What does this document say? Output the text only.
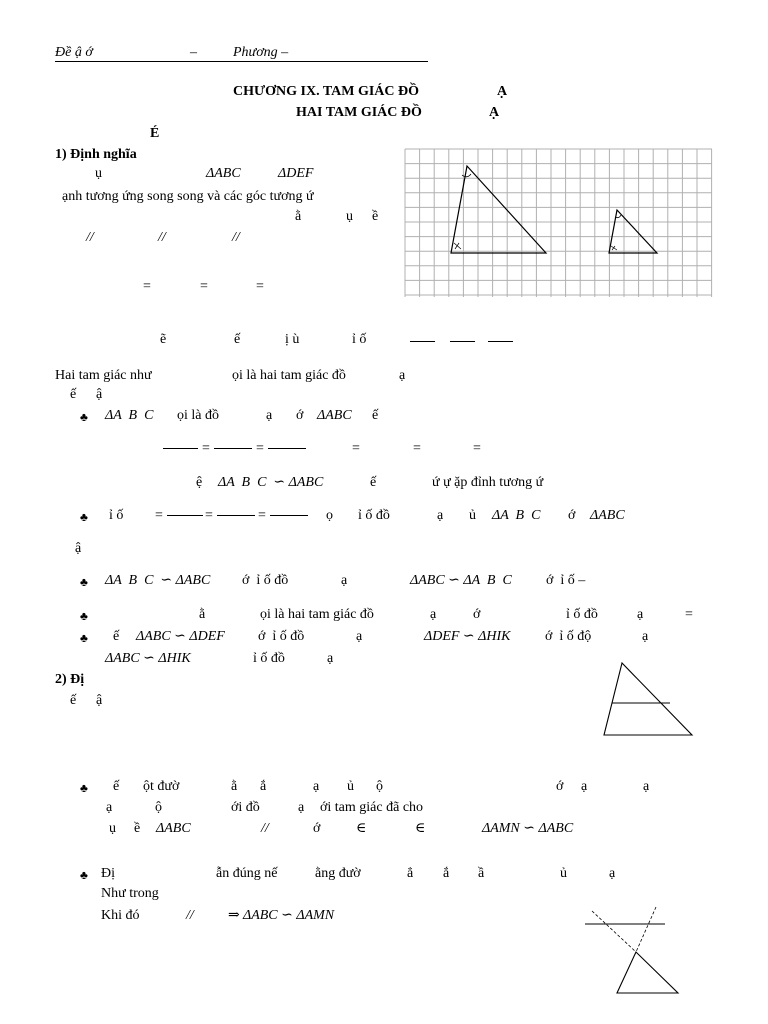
Đề ậ ớ	–	Phương –
CHƯƠNG IX. TAM GIÁC ĐỒ	Ạ
HAI TAM GIÁC ĐỒ	Ạ
É
1) Định nghĩa
ụ	ΔABC	ΔDEF
ạnh tương ứng song song và các góc tương ứ
ằ	ụ ề
//	//	//
=	=	=
ẽ	ế	ị ù	ỉ ố
Hai tam giác như	ọi là hai tam giác đồ	ạ
ế ậ
♣ ΔA  B  C ọi là đồ	ạ ớ ΔABC ế
=	=	=	=	=
ệ ΔA  B  C  ∽ ΔABC	ế	ứ ự ặp đỉnh tương ứ
♣ ỉ ố =	=	=	ọ ỉ ố đồ	ạ ủ ΔA  B  C ớ ΔABC
ậ
♣ ΔA  B  C  ∽ ΔABC ớ  ỉ ố đồ	ạ	ΔABC ∽ ΔA  B  C ớ  ỉ ố –
♣	ằ	ọi là hai tam giác đồ	ạ	ớ	ỉ ố đồ	ạ	=
♣ ế ΔABC ∽ ΔDEF ớ  ỉ ố đồ	ạ	ΔDEF ∽ ΔHIK ớ  ỉ ố độ	ạ
ΔABC ∽ ΔHIK	ỉ ố đồ	ạ
2) Đị
ế ậ
♣ ế ột đườ	ằ ắ	ạ ủ ộ	ớ ạ	ạ
ạ	ộ	ới đồ	ạ ới tam giác đã cho
ụ ề ΔABC	//	ớ	∈	∈	ΔAMN ∽ ΔABC
♣ Đị	ẫn đúng nế	ằng đườ	ẳ ắ ầ	ủ	ạ
Như trong
Khi đó	// ⇒ ΔABC ∽ ΔAMN
